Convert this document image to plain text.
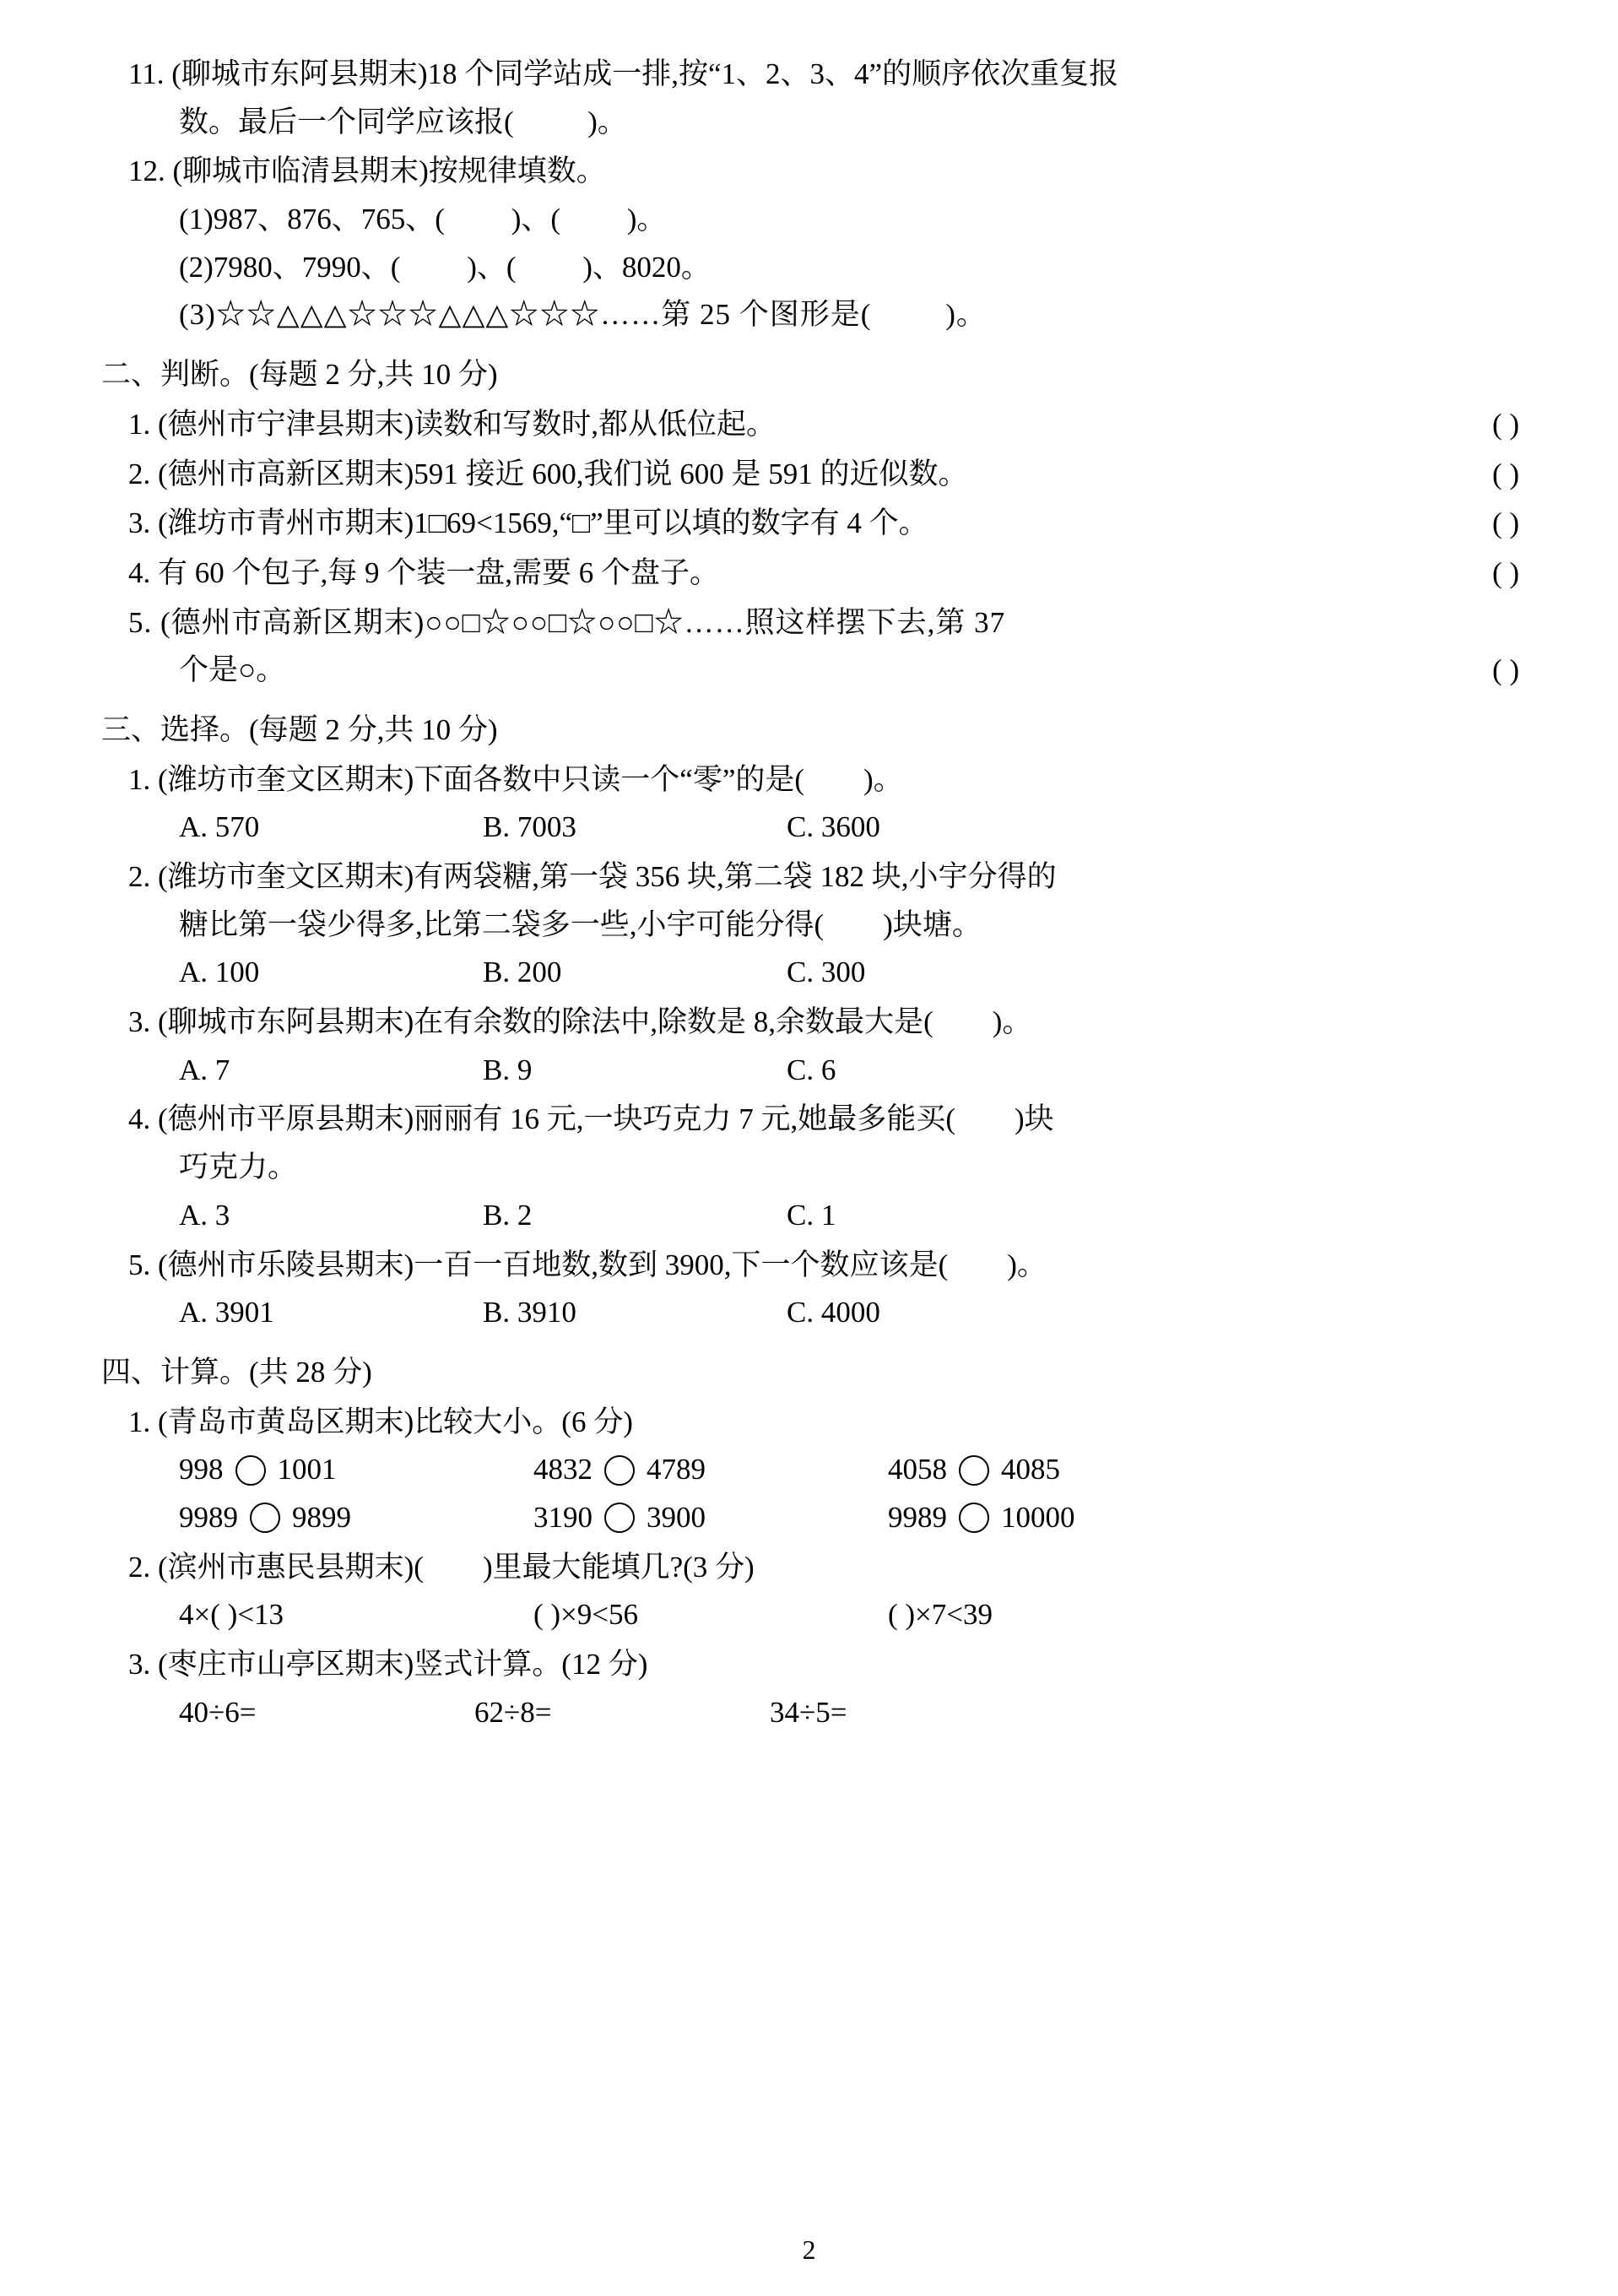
11. (聊城市东阿县期末)18 个同学站成一排,按“1、2、3、4”的顺序依次重复报
数。最后一个同学应该报(          )。
12. (聊城市临清县期末)按规律填数。
(1)987、876、765、(         )、(         )。
(2)7980、7990、(         )、(         )、8020。
(3)☆☆△△△☆☆☆△△△☆☆☆……第 25 个图形是(         )。
二、判断。(每题 2 分,共 10 分)
1. (德州市宁津县期末)读数和写数时,都从低位起。	( )
2. (德州市高新区期末)591 接近 600,我们说 600 是 591 的近似数。	( )
3. (潍坊市青州市期末)1□69<1569,“□”里可以填的数字有 4 个。	( )
4. 有 60 个包子,每 9 个装一盘,需要 6 个盘子。	( )
5. (德州市高新区期末)○○□☆○○□☆○○□☆……照这样摆下去,第 37
个是○。	( )
三、选择。(每题 2 分,共 10 分)
1. (潍坊市奎文区期末)下面各数中只读一个“零”的是(        )。
A. 570	B. 7003	C. 3600
2. (潍坊市奎文区期末)有两袋糖,第一袋 356 块,第二袋 182 块,小宇分得的
糖比第一袋少得多,比第二袋多一些,小宇可能分得(        )块塘。
A. 100	B. 200	C. 300
3. (聊城市东阿县期末)在有余数的除法中,除数是 8,余数最大是(        )。
A. 7	B. 9	C. 6
4. (德州市平原县期末)丽丽有 16 元,一块巧克力 7 元,她最多能买(        )块
巧克力。
A. 3	B. 2	C. 1
5. (德州市乐陵县期末)一百一百地数,数到 3900,下一个数应该是(        )。
A. 3901	B. 3910	C. 4000
四、计算。(共 28 分)
1. (青岛市黄岛区期末)比较大小。(6 分)
998 1001	4832 4789	4058 4085
9989 9899	3190 3900	9989 10000
2. (滨州市惠民县期末)(        )里最大能填几?(3 分)
4×( )<13	( )×9<56	( )×7<39
3. (枣庄市山亭区期末)竖式计算。(12 分)
40÷6=	62÷8=	34÷5=
2
